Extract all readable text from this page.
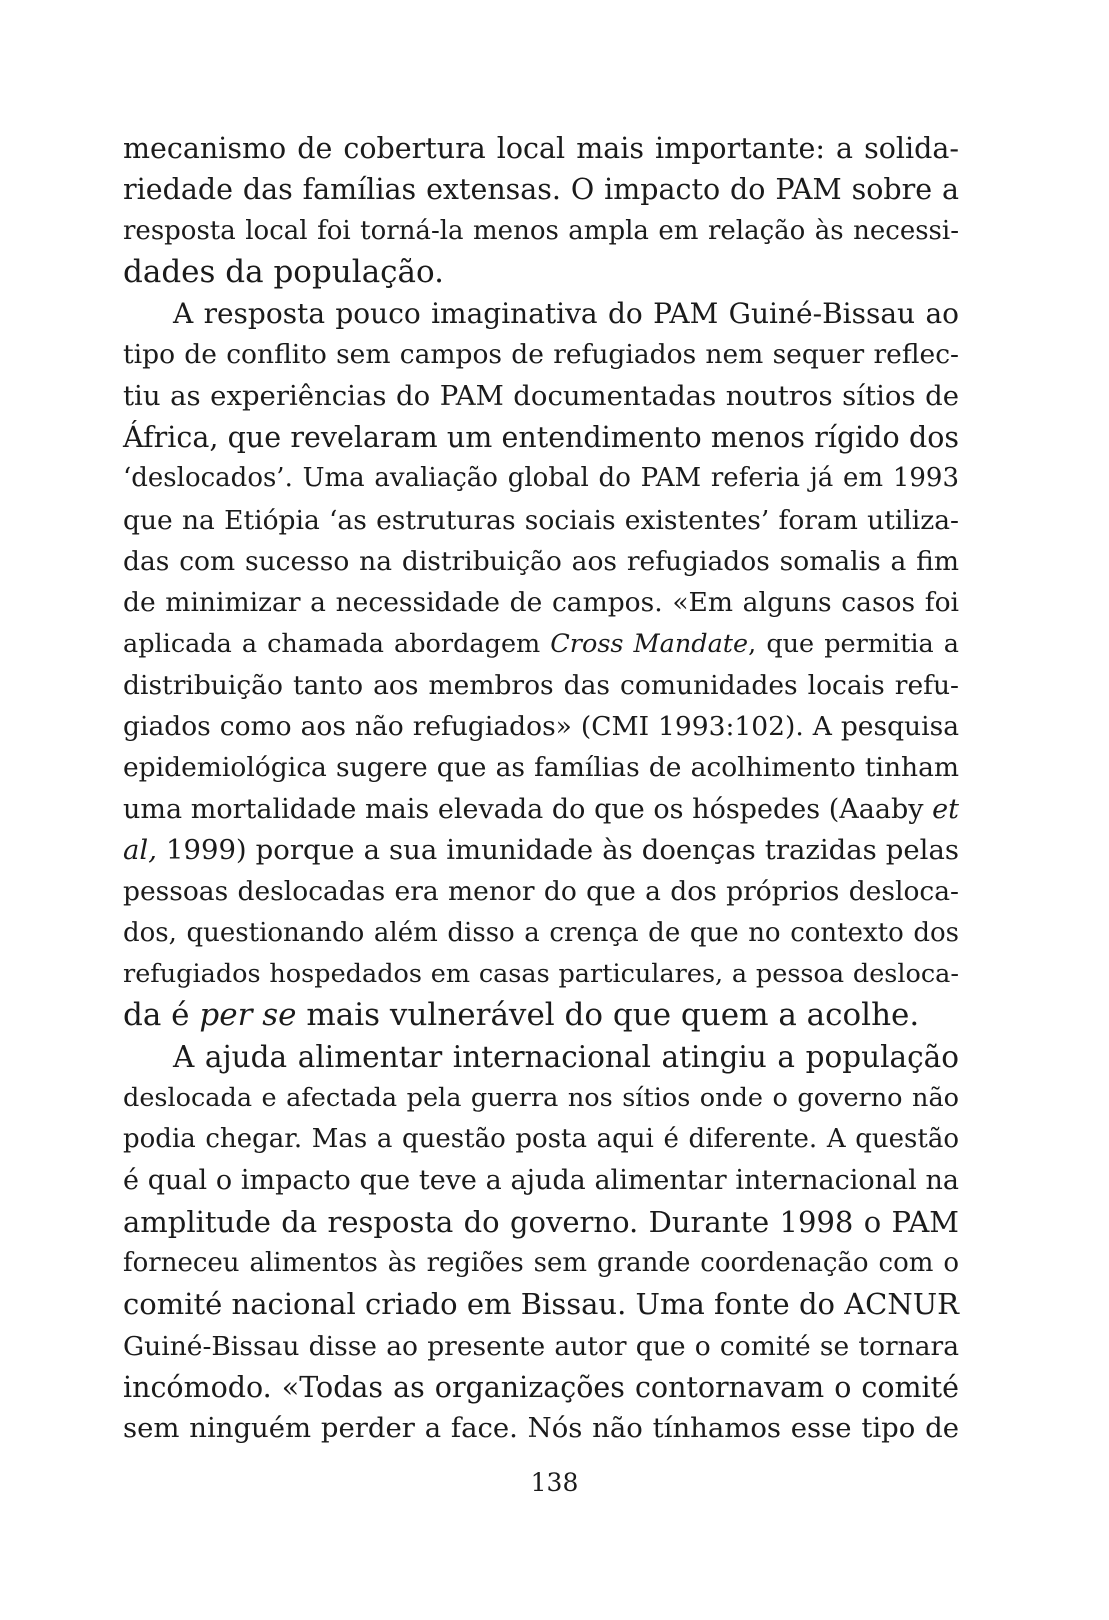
mecanismo de cobertura local mais importante: a solida-
riedade das famílias extensas. O impacto do PAM sobre a
resposta local foi torná-la menos ampla em relação às necessi-
dades da população.
A resposta pouco imaginativa do PAM Guiné-Bissau ao
tipo de conflito sem campos de refugiados nem sequer reflec-
tiu as experiências do PAM documentadas noutros sítios de
África, que revelaram um entendimento menos rígido dos
‘deslocados’. Uma avaliação global do PAM referia já em 1993
que na Etiópia ‘as estruturas sociais existentes’ foram utiliza-
das com sucesso na distribuição aos refugiados somalis a fim
de minimizar a necessidade de campos. «Em alguns casos foi
aplicada a chamada abordagem Cross Mandate, que permitia a
distribuição tanto aos membros das comunidades locais refu-
giados como aos não refugiados» (CMI 1993:102). A pesquisa
epidemiológica sugere que as famílias de acolhimento tinham
uma mortalidade mais elevada do que os hóspedes (Aaaby et
al, 1999) porque a sua imunidade às doenças trazidas pelas
pessoas deslocadas era menor do que a dos próprios desloca-
dos, questionando além disso a crença de que no contexto dos
refugiados hospedados em casas particulares, a pessoa desloca-
da é per se mais vulnerável do que quem a acolhe.
A ajuda alimentar internacional atingiu a população
deslocada e afectada pela guerra nos sítios onde o governo não
podia chegar. Mas a questão posta aqui é diferente. A questão
é qual o impacto que teve a ajuda alimentar internacional na
amplitude da resposta do governo. Durante 1998 o PAM
forneceu alimentos às regiões sem grande coordenação com o
comité nacional criado em Bissau. Uma fonte do ACNUR
Guiné-Bissau disse ao presente autor que o comité se tornara
incómodo. «Todas as organizações contornavam o comité
sem ninguém perder a face. Nós não tínhamos esse tipo de
138
